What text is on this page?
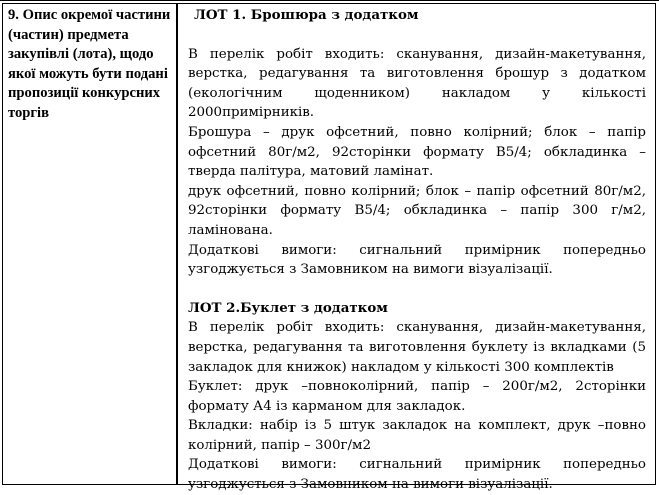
9. Опис окремої частини (частин) предмета закупівлі (лота), щодо якої можуть бути подані пропозиції конкурсних торгів

ЛОТ 1. Брошюра з додатком

В перелік робіт входить: сканування, дизайн-макетування, верстка, редагування та виготовлення брошур з додатком (екологічним щоденником) накладом у кількості 2000примірників.

Брошура – друк офсетний, повно колірний; блок – папір офсетний 80г/м2, 92сторінки формату В5/4; обкладинка – тверда палітура, матовий ламінат.

друк офсетний, повно колірний; блок – папір офсетний 80г/м2, 92сторінки формату В5/4; обкладинка – папір 300 г/м2, ламінована.

Додаткові вимоги: сигнальний примірник попередньо узгоджується з Замовником на вимоги візуалізації.

ЛОТ 2.Буклет з додатком

В перелік робіт входить: сканування, дизайн-макетування, верстка, редагування та виготовлення буклету із вкладками (5 закладок для книжок) накладом у кількості 300 комплектів

Буклет: друк –повноколірний, папір – 200г/м2, 2сторінки формату А4 із карманом для закладок.

Вкладки: набір із 5 штук закладок на комплект, друк –повно колірний, папір – 300г/м2

Додаткові вимоги: сигнальний примірник попередньо узгоджується з Замовником на вимоги візуалізації.
